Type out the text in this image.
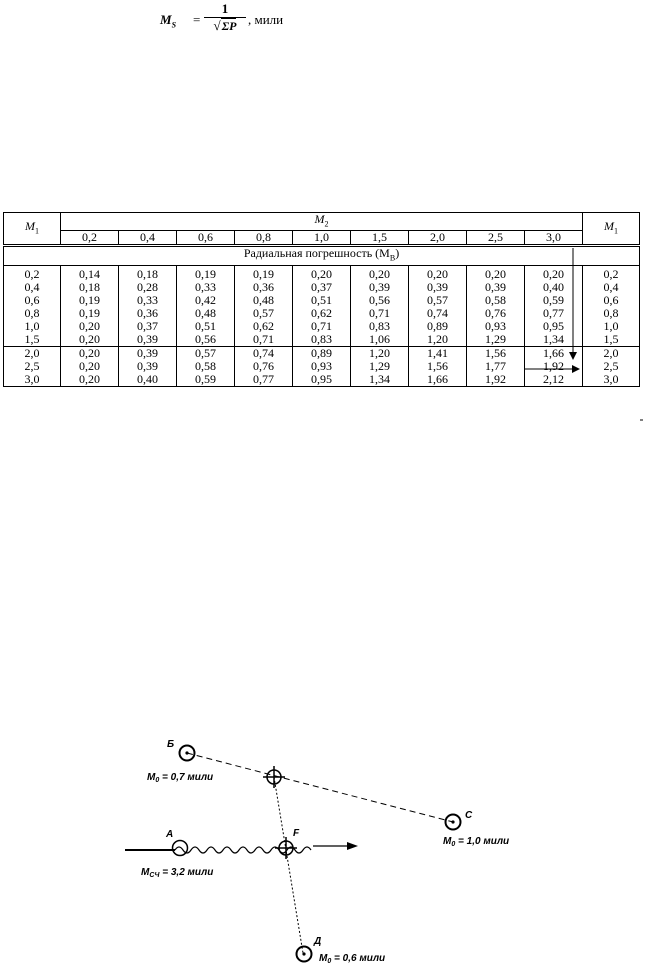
$M_S$ =
1
√ΣP , мили
$M_1$	$M_2$									$M_1$
	0,2	0,4	0,6	0,8	1,0	1,5	2,0	2,5	3,0	
Радиальная погрешность $(M_B)$										
0,2	0,14	0,18	0,19	0,19	0,20	0,20	0,20	0,20	0,20	0,2
0,4	0,18	0,28	0,33	0,36	0,37	0,39	0,39	0,39	0,40	0,4
0,6	0,19	0,33	0,42	0,48	0,51	0,56	0,57	0,58	0,59	0,6
0,8	0,19	0,36	0,48	0,57	0,62	0,71	0,74	0,76	0,77	0,8
1,0	0,20	0,37	0,51	0,62	0,71	0,83	0,89	0,93	0,95	1,0
1,5	0,20	0,39	0,56	0,71	0,83	1,06	1,20	1,29	1,34	1,5
2,0	0,20	0,39	0,57	0,74	0,89	1,20	1,41	1,56	1,66	2,0
2,5	0,20	0,39	0,58	0,76	0,93	1,29	1,56	1,77	1,92	2,5
3,0	0,20	0,40	0,59	0,77	0,95	1,34	1,66	1,92	2,12	3,0
Б
$M_0 = 0,7$ мили
С
$M_0 = 1,0$ мили
А
$M_{СЧ} = 3,2$ мили
F
Д
$M_0 = 0,6$ мили
